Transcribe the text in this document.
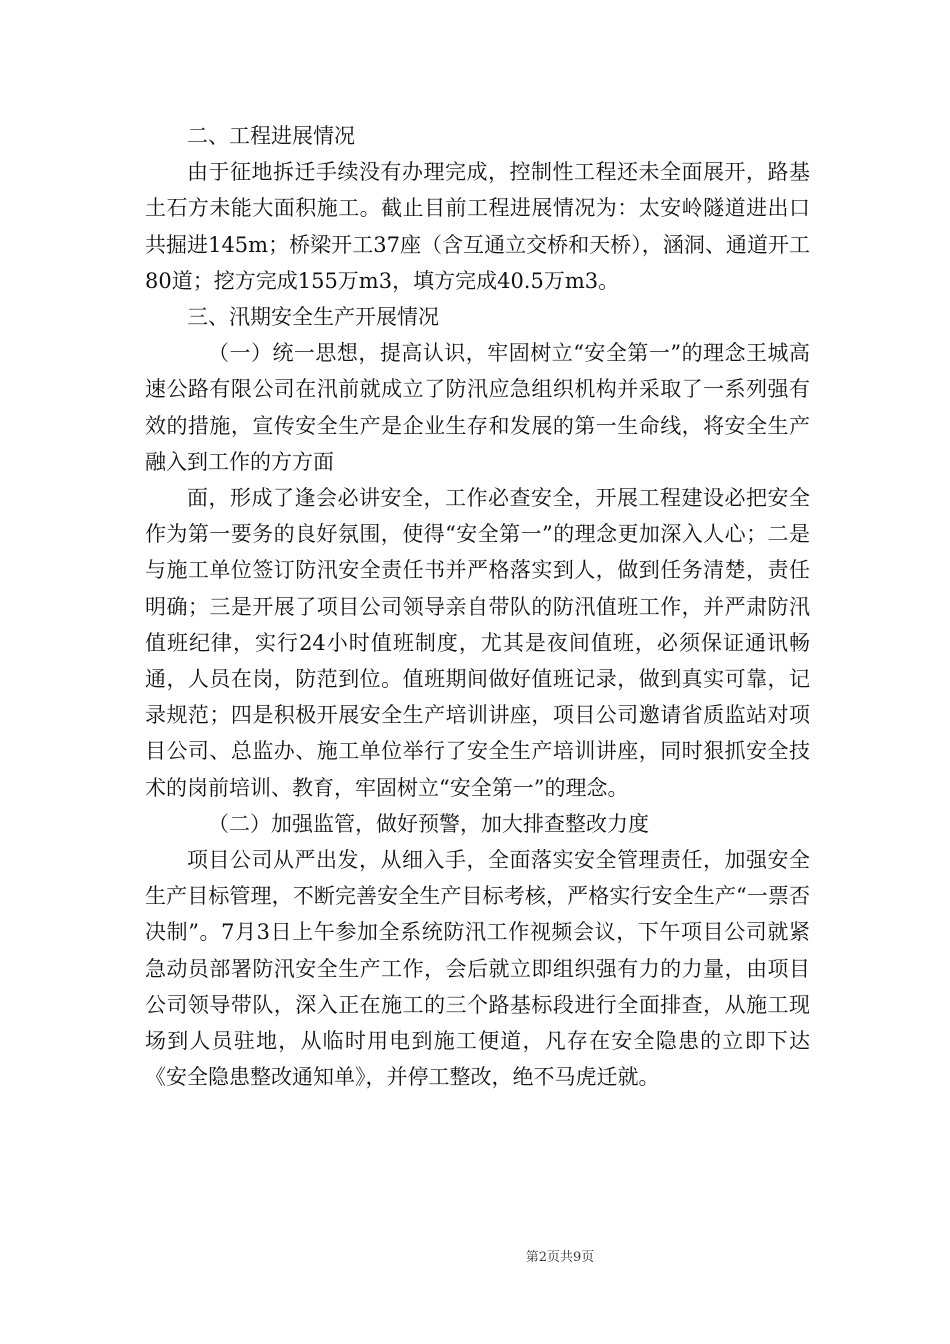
二、工程进展情况

由于征地拆迁手续没有办理完成，控制性工程还未全面展开，路基土石方未能大面积施工。截止目前工程进展情况为：太安岭隧道进出口共掘进145m；桥梁开工37座（含互通立交桥和天桥），涵洞、通道开工80道；挖方完成155万m3，填方完成40.5万m3。

三、汛期安全生产开展情况

（一）统一思想，提高认识，牢固树立“安全第一”的理念王城高速公路有限公司在汛前就成立了防汛应急组织机构并采取了一系列强有效的措施，宣传安全生产是企业生存和发展的第一生命线，将安全生产融入到工作的方方面

面，形成了逢会必讲安全，工作必查安全，开展工程建设必把安全作为第一要务的良好氛围，使得“安全第一”的理念更加深入人心；二是与施工单位签订防汛安全责任书并严格落实到人，做到任务清楚，责任明确；三是开展了项目公司领导亲自带队的防汛值班工作，并严肃防汛值班纪律，实行24小时值班制度，尤其是夜间值班，必须保证通讯畅通，人员在岗，防范到位。值班期间做好值班记录，做到真实可靠，记录规范；四是积极开展安全生产培训讲座，项目公司邀请省质监站对项目公司、总监办、施工单位举行了安全生产培训讲座，同时狠抓安全技术的岗前培训、教育，牢固树立“安全第一”的理念。

（二）加强监管，做好预警，加大排查整改力度

项目公司从严出发，从细入手，全面落实安全管理责任，加强安全生产目标管理，不断完善安全生产目标考核，严格实行安全生产“一票否决制”。7月3日上午参加全系统防汛工作视频会议，下午项目公司就紧急动员部署防汛安全生产工作，会后就立即组织强有力的力量，由项目公司领导带队，深入正在施工的三个路基标段进行全面排查，从施工现场到人员驻地，从临时用电到施工便道，凡存在安全隐患的立即下达《安全隐患整改通知单》，并停工整改，绝不马虎迁就。

第2页共9页
